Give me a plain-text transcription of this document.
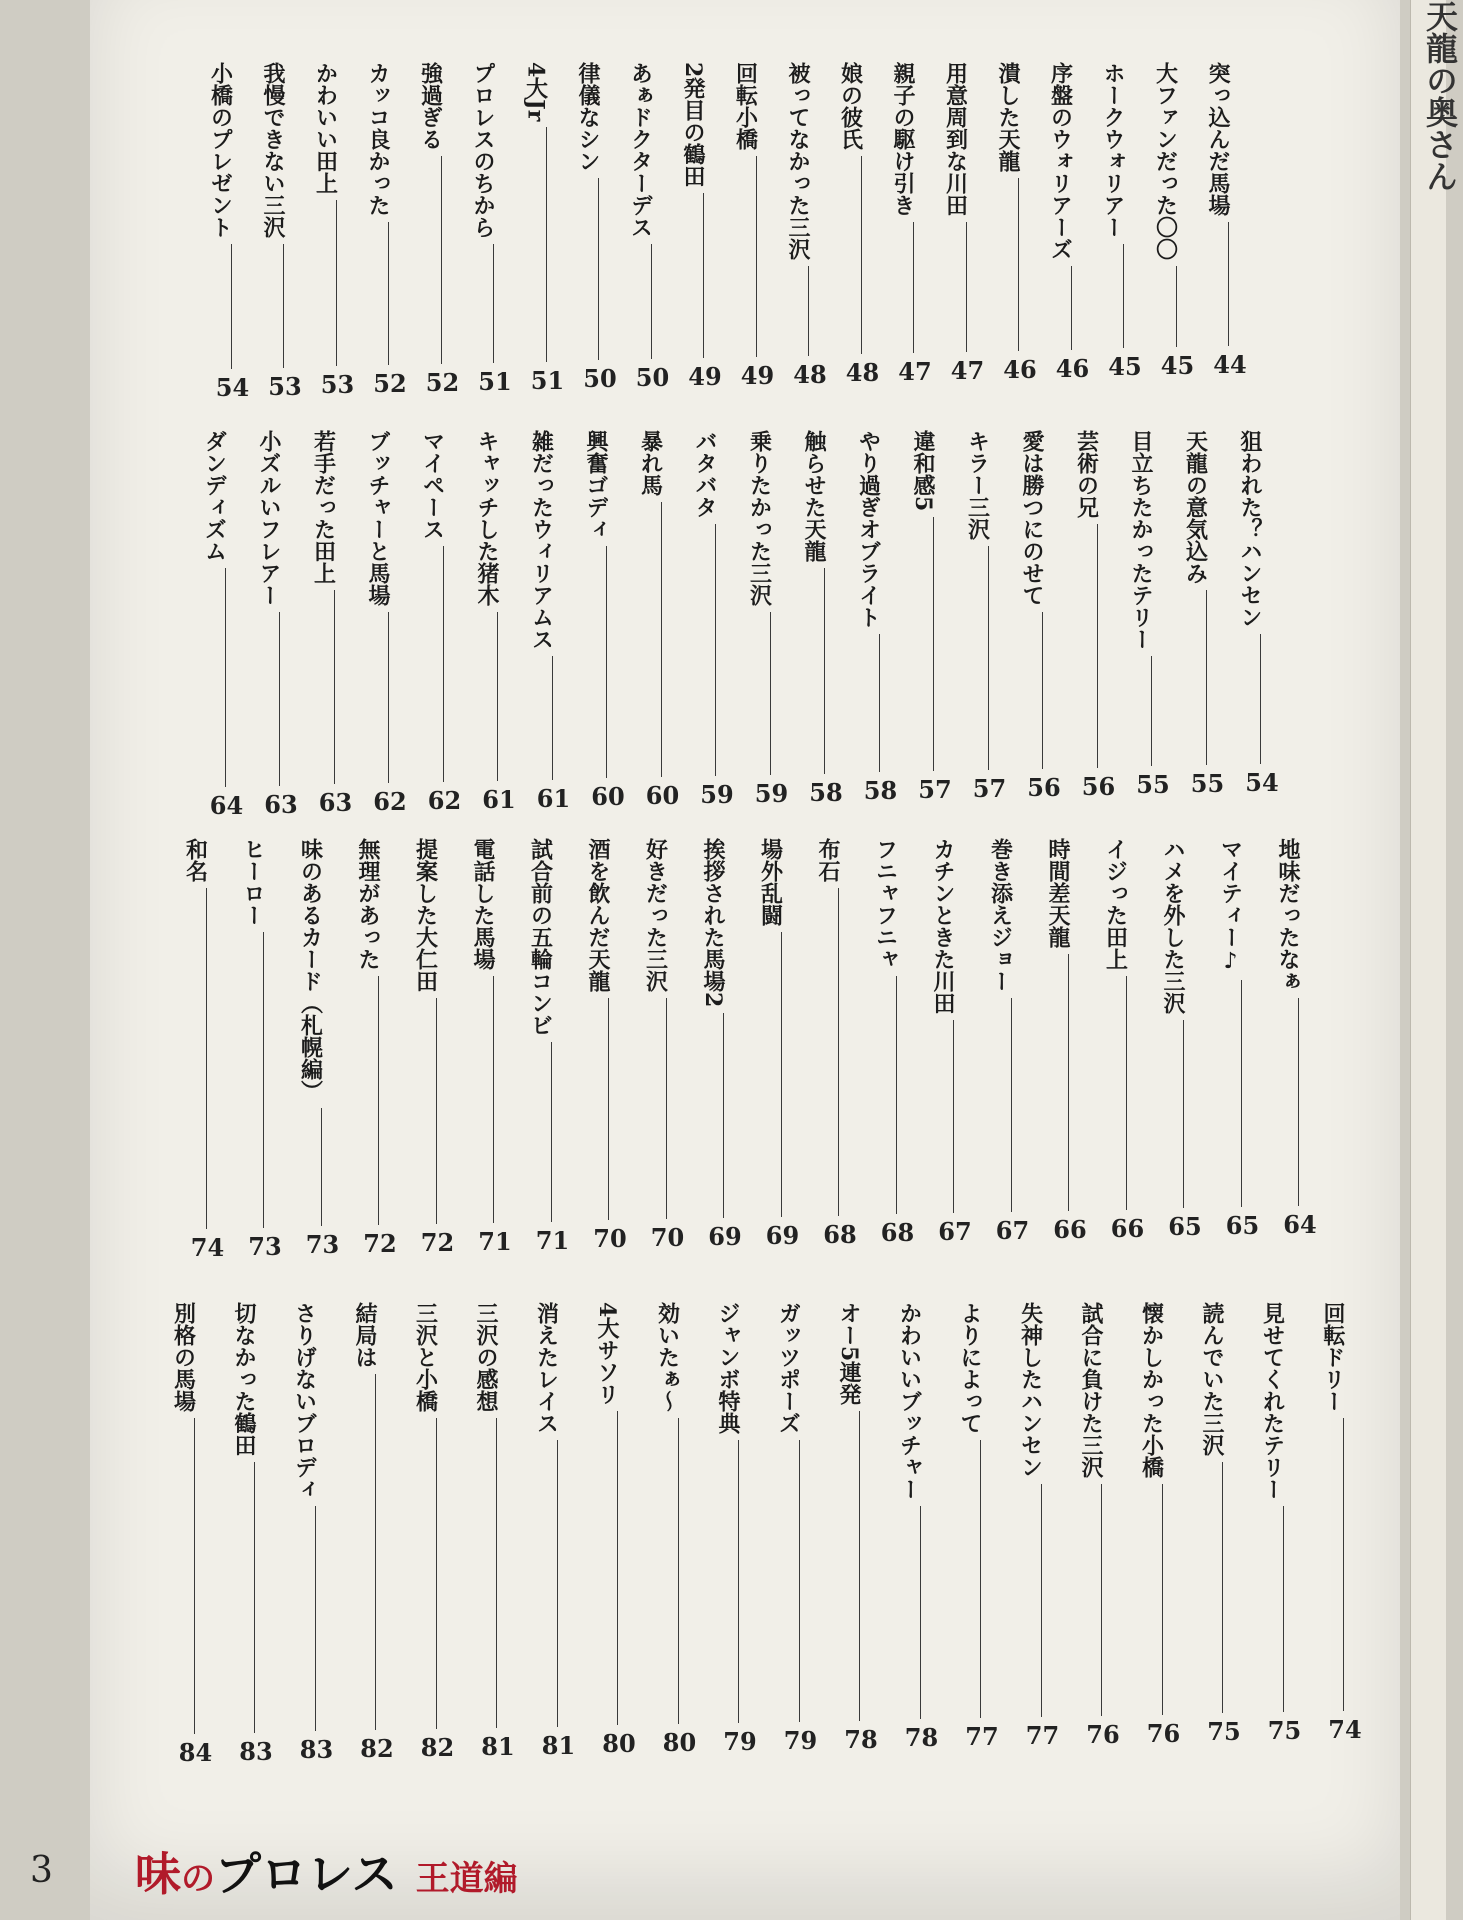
天龍の奥さん
突っ込んだ馬場
44
大ファンだった〇〇
45
ホークウォリアー
45
序盤のウォリアーズ
46
潰した天龍
46
用意周到な川田
47
親子の駆け引き
47
娘の彼氏
48
被ってなかった三沢
48
回転小橋
49
2発目の鶴田
49
あぁドクターデス
50
律儀なシン
50
4大Jr
51
プロレスのちから
51
強過ぎる
52
カッコ良かった
52
かわいい田上
53
我慢できない三沢
53
小橋のプレゼント
54
狙われた？ハンセン
54
天龍の意気込み
55
目立ちたかったテリー
55
芸術の兄
56
愛は勝つにのせて
56
キラー三沢
57
違和感5
57
やり過ぎオブライト
58
触らせた天龍
58
乗りたかった三沢
59
バタバタ
59
暴れ馬
60
興奮ゴディ
60
雑だったウィリアムス
61
キャッチした猪木
61
マイペース
62
ブッチャーと馬場
62
若手だった田上
63
小ズルいフレアー
63
ダンディズム
64
地味だったなぁ
64
マイティー♪
65
ハメを外した三沢
65
イジった田上
66
時間差天龍
66
巻き添えジョー
67
カチンときた川田
67
フニャフニャ
68
布石
68
場外乱闘
69
挨拶された馬場2
69
好きだった三沢
70
酒を飲んだ天龍
70
試合前の五輪コンビ
71
電話した馬場
71
提案した大仁田
72
無理があった
72
味のあるカード（札幌編）
73
ヒーロー
73
和名
74
回転ドリー
74
見せてくれたテリー
75
読んでいた三沢
75
懐かしかった小橋
76
試合に負けた三沢
76
失神したハンセン
77
よりによって
77
かわいいブッチャー
78
オー5連発
78
ガッツポーズ
79
ジャンボ特典
79
効いたぁ〜
80
4大サソリ
80
消えたレイス
81
三沢の感想
81
三沢と小橋
82
結局は
82
さりげないブロディ
83
切なかった鶴田
83
別格の馬場
84
3 味のプロレス 王道編
